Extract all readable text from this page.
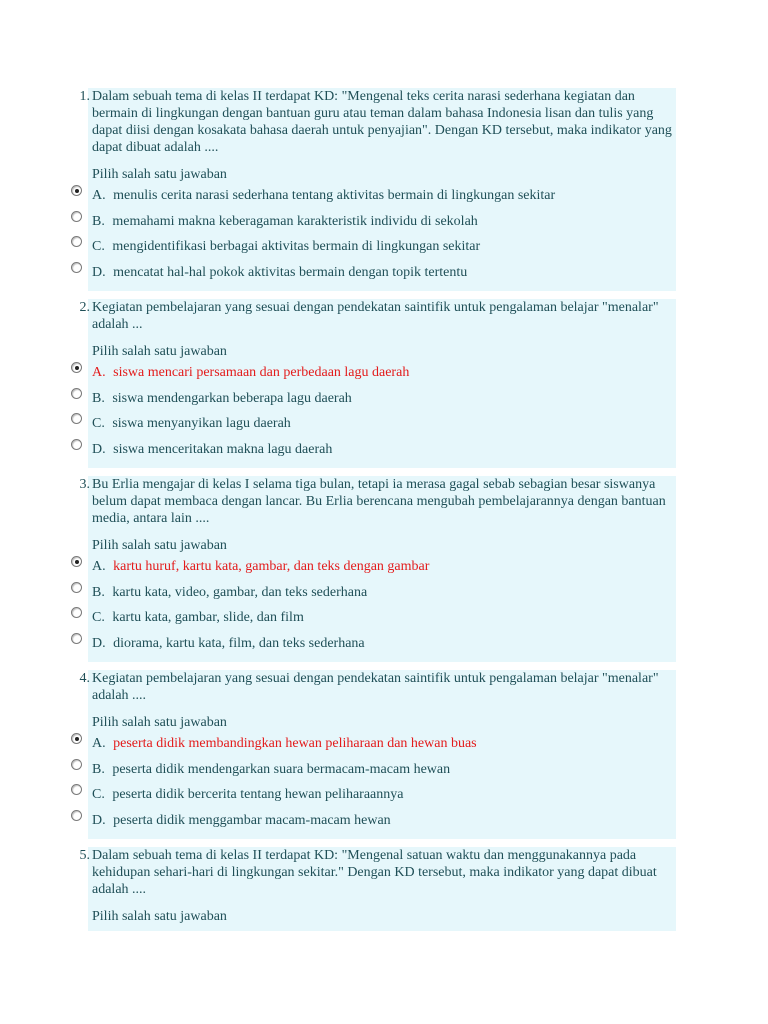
1. Dalam sebuah tema di kelas II terdapat KD: "Mengenal teks cerita narasi sederhana kegiatan dan bermain di lingkungan dengan bantuan guru atau teman dalam bahasa Indonesia lisan dan tulis yang dapat diisi dengan kosakata bahasa daerah untuk penyajian". Dengan KD tersebut, maka indikator yang dapat dibuat adalah ....
Pilih salah satu jawaban
A. menulis cerita narasi sederhana tentang aktivitas bermain di lingkungan sekitar
B. memahami makna keberagaman karakteristik individu di sekolah
C. mengidentifikasi berbagai aktivitas bermain di lingkungan sekitar
D. mencatat hal-hal pokok aktivitas bermain dengan topik tertentu
2. Kegiatan pembelajaran yang sesuai dengan pendekatan saintifik untuk pengalaman belajar "menalar" adalah ...
Pilih salah satu jawaban
A. siswa mencari persamaan dan perbedaan lagu daerah
B. siswa mendengarkan beberapa lagu daerah
C. siswa menyanyikan lagu daerah
D. siswa menceritakan makna lagu daerah
3. Bu Erlia mengajar di kelas I selama tiga bulan, tetapi ia merasa gagal sebab sebagian besar siswanya belum dapat membaca dengan lancar. Bu Erlia berencana mengubah pembelajarannya dengan bantuan media, antara lain ....
Pilih salah satu jawaban
A. kartu huruf, kartu kata, gambar, dan teks dengan gambar
B. kartu kata, video, gambar, dan teks sederhana
C. kartu kata, gambar, slide, dan film
D. diorama, kartu kata, film, dan teks sederhana
4. Kegiatan pembelajaran yang sesuai dengan pendekatan saintifik untuk pengalaman belajar "menalar" adalah ....
Pilih salah satu jawaban
A. peserta didik membandingkan hewan peliharaan dan hewan buas
B. peserta didik mendengarkan suara bermacam-macam hewan
C. peserta didik bercerita tentang hewan peliharaannya
D. peserta didik menggambar macam-macam hewan
5. Dalam sebuah tema di kelas II terdapat KD: "Mengenal satuan waktu dan menggunakannya pada kehidupan sehari-hari di lingkungan sekitar." Dengan KD tersebut, maka indikator yang dapat dibuat adalah ....
Pilih salah satu jawaban
